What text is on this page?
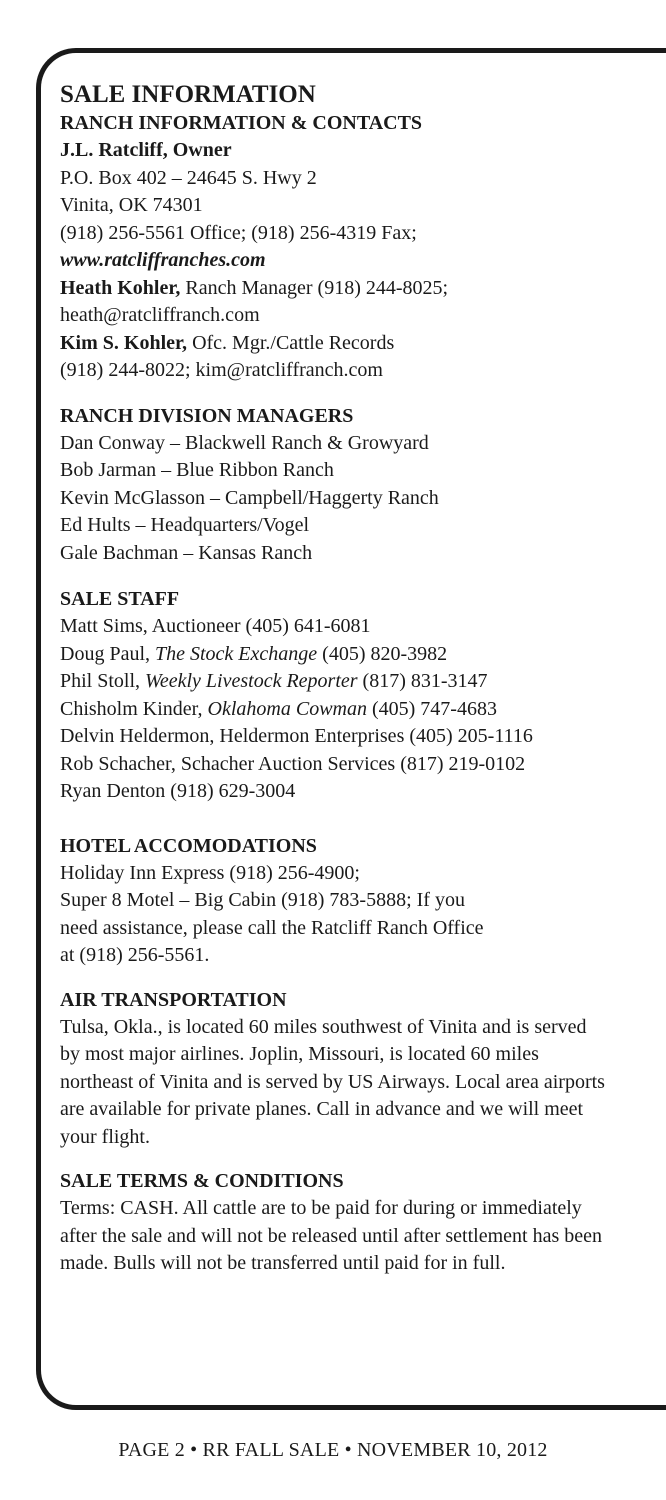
SALE INFORMATION
RANCH INFORMATION & CONTACTS

J.L. Ratcliff, Owner

P.O. Box 402 – 24645 S. Hwy 2

Vinita, OK 74301

(918) 256-5561 Office; (918) 256-4319 Fax;

www.ratcliffranches.com

Heath Kohler, Ranch Manager (918) 244-8025;

heath@ratcliffranch.com

Kim S. Kohler, Ofc. Mgr./Cattle Records

(918) 244-8022; kim@ratcliffranch.com

RANCH DIVISION MANAGERS

Dan Conway – Blackwell Ranch & Growyard

Bob Jarman – Blue Ribbon Ranch

Kevin McGlasson – Campbell/Haggerty Ranch

Ed Hults – Headquarters/Vogel

Gale Bachman – Kansas Ranch

SALE STAFF

Matt Sims, Auctioneer (405) 641-6081

Doug Paul, The Stock Exchange (405) 820-3982

Phil Stoll, Weekly Livestock Reporter (817) 831-3147

Chisholm Kinder, Oklahoma Cowman (405) 747-4683

Delvin Heldermon, Heldermon Enterprises (405) 205-1116

Rob Schacher, Schacher Auction Services (817) 219-0102

Ryan Denton (918) 629-3004

HOTEL ACCOMODATIONS

Holiday Inn Express (918) 256-4900;

Super 8 Motel – Big Cabin (918) 783-5888; If you

need assistance, please call the Ratcliff Ranch Office

at (918) 256-5561.

AIR TRANSPORTATION

Tulsa, Okla., is located 60 miles southwest of Vinita and is served by most major airlines. Joplin, Missouri, is located 60 miles northeast of Vinita and is served by US Airways. Local area airports are available for private planes. Call in advance and we will meet your flight.

SALE TERMS & CONDITIONS

Terms: CASH. All cattle are to be paid for during or immediately after the sale and will not be released until after settlement has been made. Bulls will not be transferred until paid for in full.

PAGE 2 • RR FALL SALE • NOVEMBER 10, 2012
